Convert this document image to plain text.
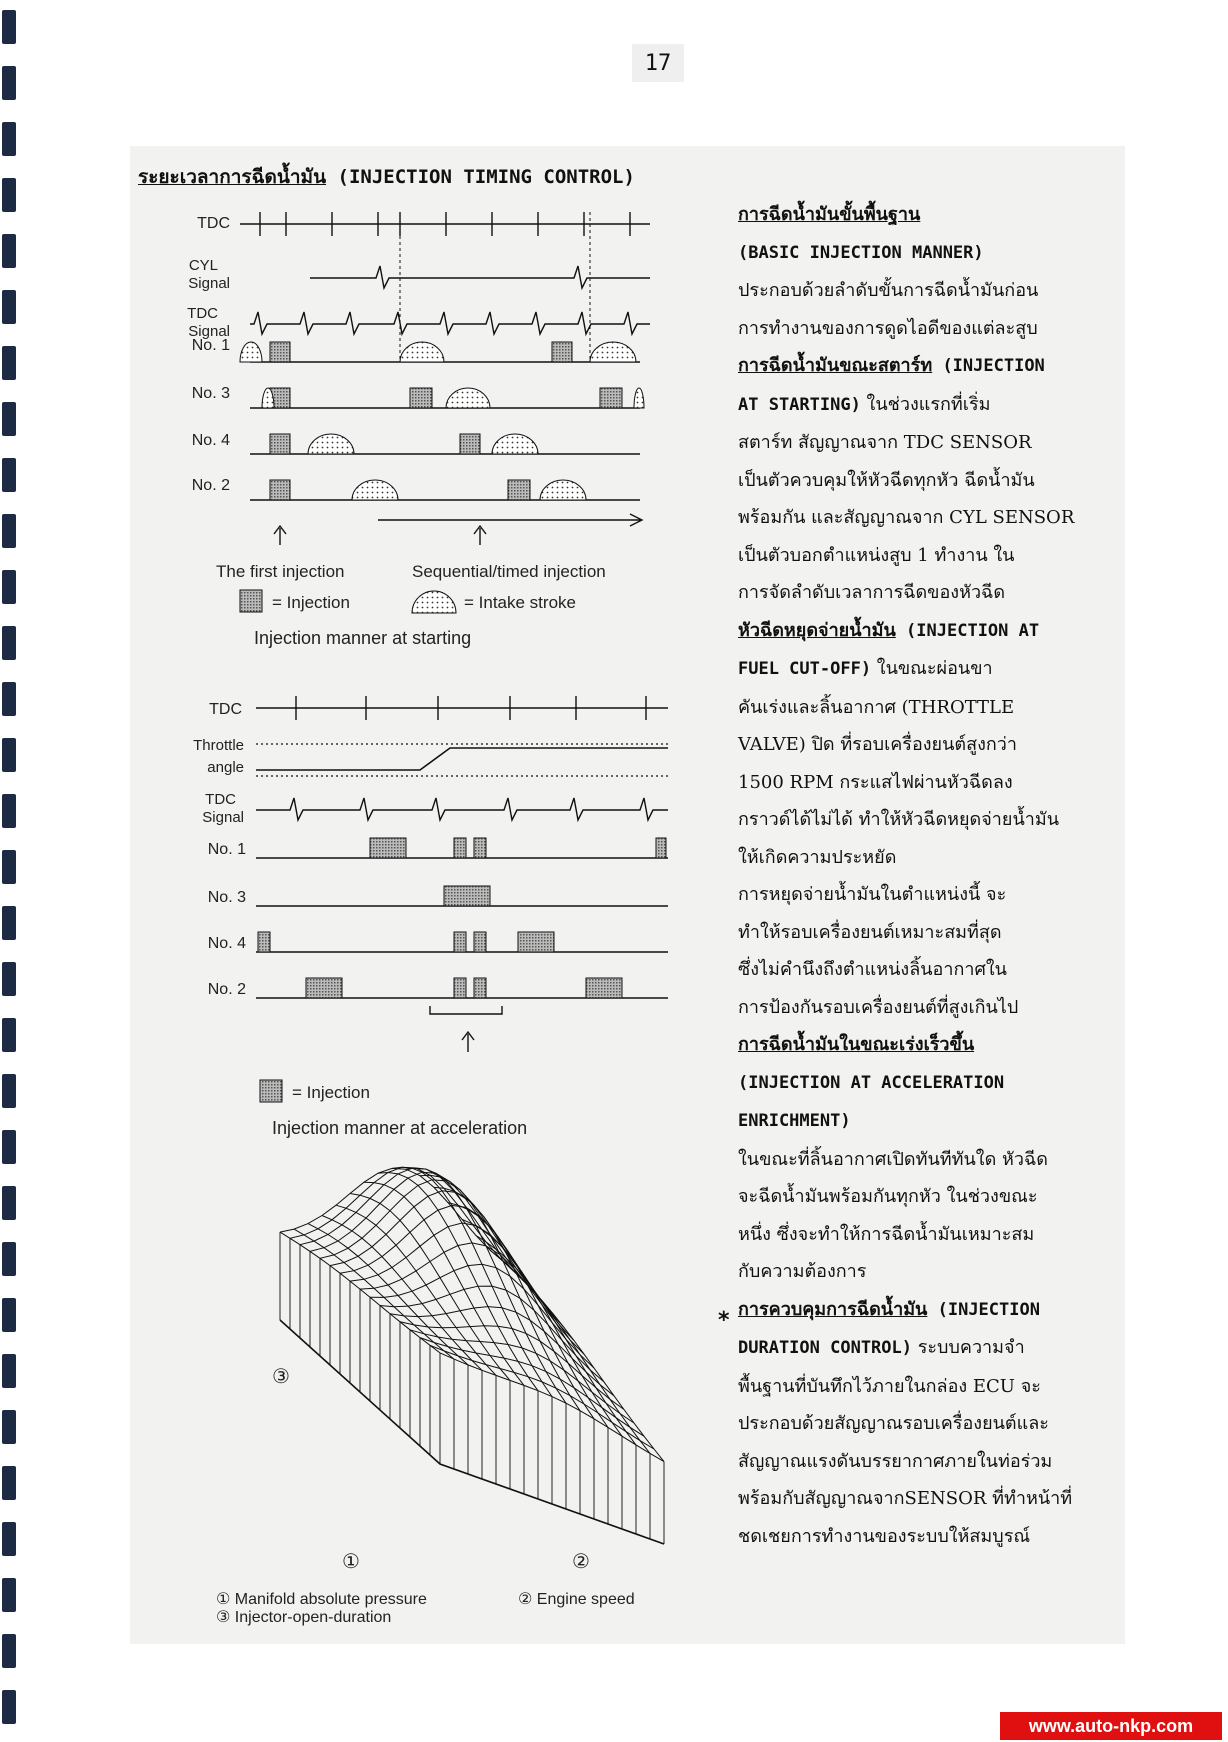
17
ระยะเวลาการฉีดน้ำมัน (INJECTION TIMING CONTROL)
TDC
CYL
Signal
TDC
Signal
No. 1
No. 3
No. 4
No. 2
The first injection	Sequential/timed injection
= Injection	= Intake stroke
Injection manner at starting
TDC
Throttle
angle
TDC
Signal
No. 1
No. 3
No. 4
No. 2
= Injection
Injection manner at acceleration
③
①	②
① Manifold absolute pressure	② Engine speed
③ Injector-open-duration

การฉีดน้ำมันขั้นพื้นฐาน

(BASIC INJECTION MANNER)

ประกอบด้วยลำดับขั้นการฉีดน้ำมันก่อน

การทำงานของการดูดไอดีของแต่ละสูบ

การฉีดน้ำมันขณะสตาร์ท (INJECTION

AT STARTING) ในช่วงแรกที่เริ่ม

สตาร์ท สัญญาณจาก TDC SENSOR

เป็นตัวควบคุมให้หัวฉีดทุกหัว ฉีดน้ำมัน

พร้อมกัน และสัญญาณจาก CYL SENSOR

เป็นตัวบอกตำแหน่งสูบ 1 ทำงาน ใน

การจัดลำดับเวลาการฉีดของหัวฉีด

หัวฉีดหยุดจ่ายน้ำมัน (INJECTION AT

FUEL CUT-OFF) ในขณะผ่อนขา

คันเร่งและลิ้นอากาศ (THROTTLE

VALVE) ปิด ที่รอบเครื่องยนต์สูงกว่า

1500 RPM กระแสไฟผ่านหัวฉีดลง

กราวด์ได้ไม่ได้ ทำให้หัวฉีดหยุดจ่ายน้ำมัน

ให้เกิดความประหยัด

การหยุดจ่ายน้ำมันในตำแหน่งนี้ จะ

ทำให้รอบเครื่องยนต์เหมาะสมที่สุด

ซึ่งไม่คำนึงถึงตำแหน่งลิ้นอากาศใน

การป้องกันรอบเครื่องยนต์ที่สูงเกินไป

การฉีดน้ำมันในขณะเร่งเร็วขึ้น

(INJECTION AT ACCELERATION

ENRICHMENT)

ในขณะที่ลิ้นอากาศเปิดทันทีทันใด หัวฉีด

จะฉีดน้ำมันพร้อมกันทุกหัว ในช่วงขณะ

หนึ่ง ซึ่งจะทำให้การฉีดน้ำมันเหมาะสม

กับความต้องการ

การควบคุมการฉีดน้ำมัน (INJECTION

DURATION CONTROL) ระบบความจำ

พื้นฐานที่บันทึกไว้ภายในกล่อง ECU จะ

ประกอบด้วยสัญญาณรอบเครื่องยนต์และ

สัญญาณแรงดันบรรยากาศภายในท่อร่วม

พร้อมกับสัญญาณจากSENSOR ที่ทำหน้าที่

ชดเชยการทำงานของระบบให้สมบูรณ์

*
www.auto-nkp.com
